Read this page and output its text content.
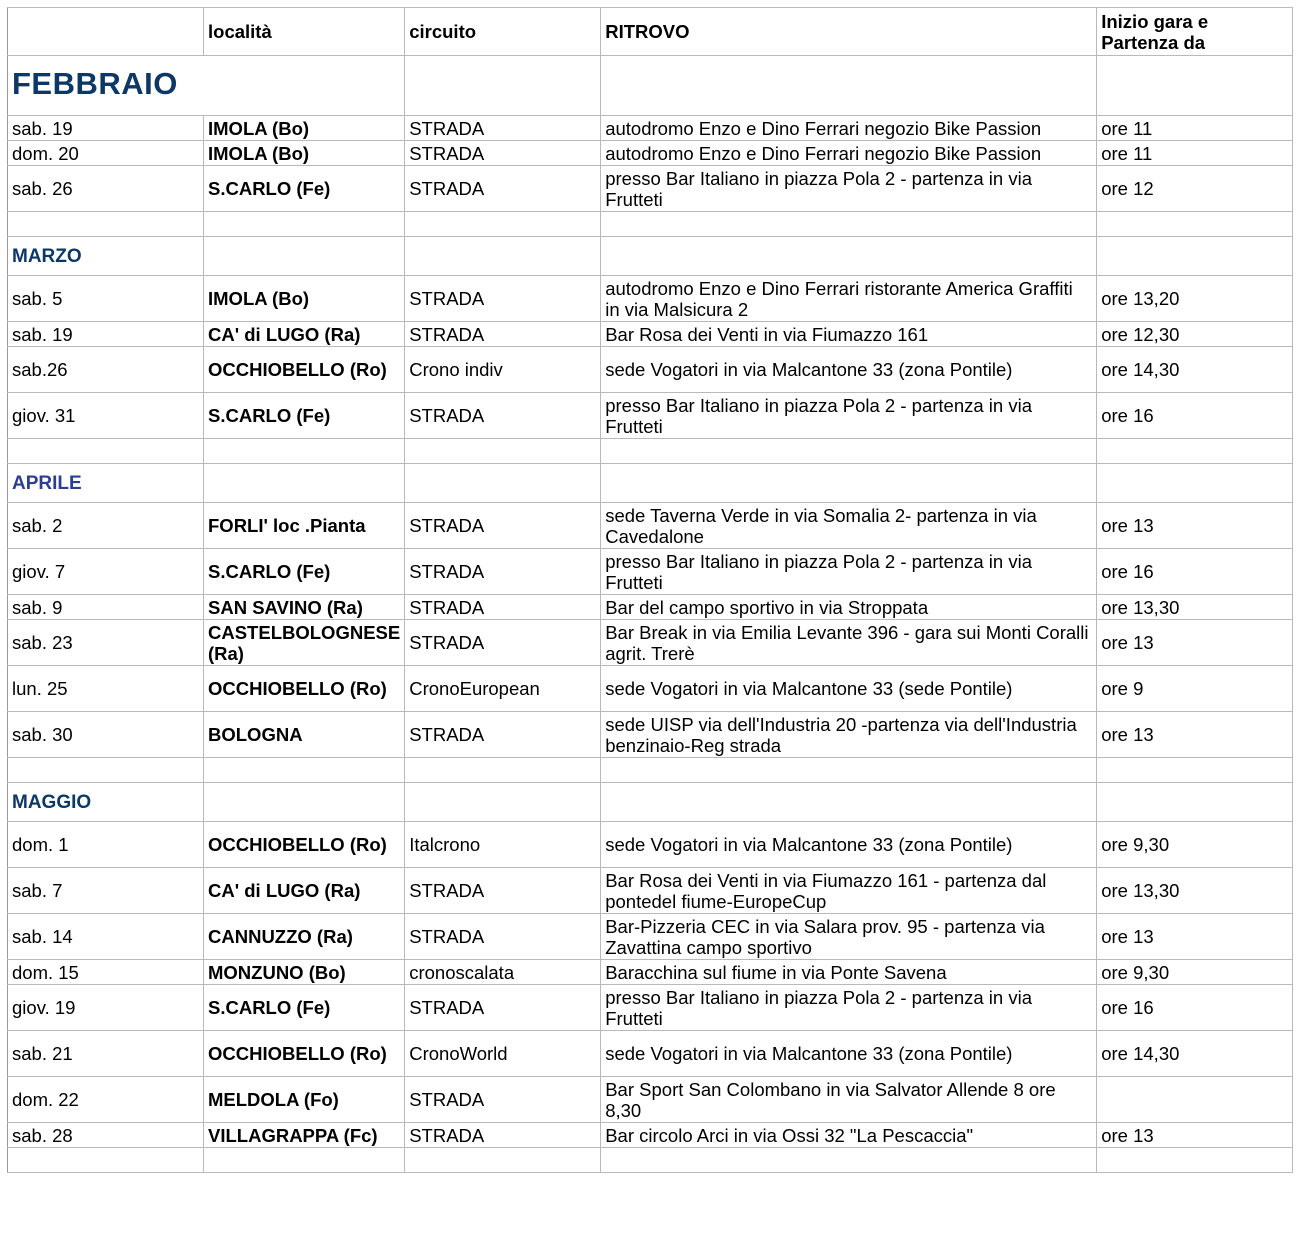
	località	circuito	RITROVO	Inizio gara e Partenza da
FEBBRAIO				
sab. 19	IMOLA (Bo)	STRADA	autodromo Enzo e Dino Ferrari negozio Bike Passion	ore 11
dom. 20	IMOLA (Bo)	STRADA	autodromo Enzo e Dino Ferrari negozio Bike Passion	ore 11
sab. 26	S.CARLO (Fe)	STRADA	presso Bar Italiano in piazza Pola 2 - partenza in via Frutteti	ore 12

MARZO				
sab. 5	IMOLA (Bo)	STRADA	autodromo Enzo e Dino Ferrari ristorante America Graffiti in via Malsicura 2	ore 13,20
sab. 19	CA' di LUGO (Ra)	STRADA	Bar Rosa dei Venti in via Fiumazzo 161	ore 12,30
sab.26	OCCHIOBELLO (Ro)	Crono indiv	sede Vogatori in via Malcantone 33 (zona Pontile)	ore 14,30
giov. 31	S.CARLO (Fe)	STRADA	presso Bar Italiano in piazza Pola 2 - partenza in via Frutteti	ore 16

APRILE				
sab. 2	FORLI' loc .Pianta	STRADA	sede Taverna Verde in via Somalia 2- partenza in via Cavedalone	ore 13
giov. 7	S.CARLO (Fe)	STRADA	presso Bar Italiano in piazza Pola 2 - partenza in via Frutteti	ore 16
sab. 9	SAN SAVINO (Ra)	STRADA	Bar del campo sportivo in via Stroppata	ore 13,30
sab. 23	CASTELBOLOGNESE (Ra)	STRADA	Bar Break in via Emilia Levante 396 - gara sui Monti Coralli agrit. Trerè	ore 13
lun. 25	OCCHIOBELLO (Ro)	CronoEuropean	sede Vogatori in via Malcantone 33 (sede Pontile)	ore 9
sab. 30	BOLOGNA	STRADA	sede UISP via dell'Industria 20 -partenza via dell'Industria benzinaio-Reg strada	ore 13

MAGGIO				
dom. 1	OCCHIOBELLO (Ro)	Italcrono	sede Vogatori in via Malcantone 33 (zona Pontile)	ore 9,30
sab. 7	CA' di LUGO (Ra)	STRADA	Bar Rosa dei Venti in via Fiumazzo 161 - partenza dal pontedel fiume-EuropeCup	ore 13,30
sab. 14	CANNUZZO (Ra)	STRADA	Bar-Pizzeria CEC in via Salara prov. 95 - partenza via Zavattina campo sportivo	ore 13
dom. 15	MONZUNO (Bo)	cronoscalata	Baracchina sul fiume in via Ponte Savena	ore 9,30
giov. 19	S.CARLO (Fe)	STRADA	presso Bar Italiano in piazza Pola 2 - partenza in via Frutteti	ore 16
sab. 21	OCCHIOBELLO (Ro)	CronoWorld	sede Vogatori in via Malcantone 33 (zona Pontile)	ore 14,30
dom. 22	MELDOLA (Fo)	STRADA	Bar Sport San Colombano in via Salvator Allende 8 ore 8,30	
sab. 28	VILLAGRAPPA (Fc)	STRADA	Bar circolo Arci in via Ossi 32 "La Pescaccia"	ore 13
